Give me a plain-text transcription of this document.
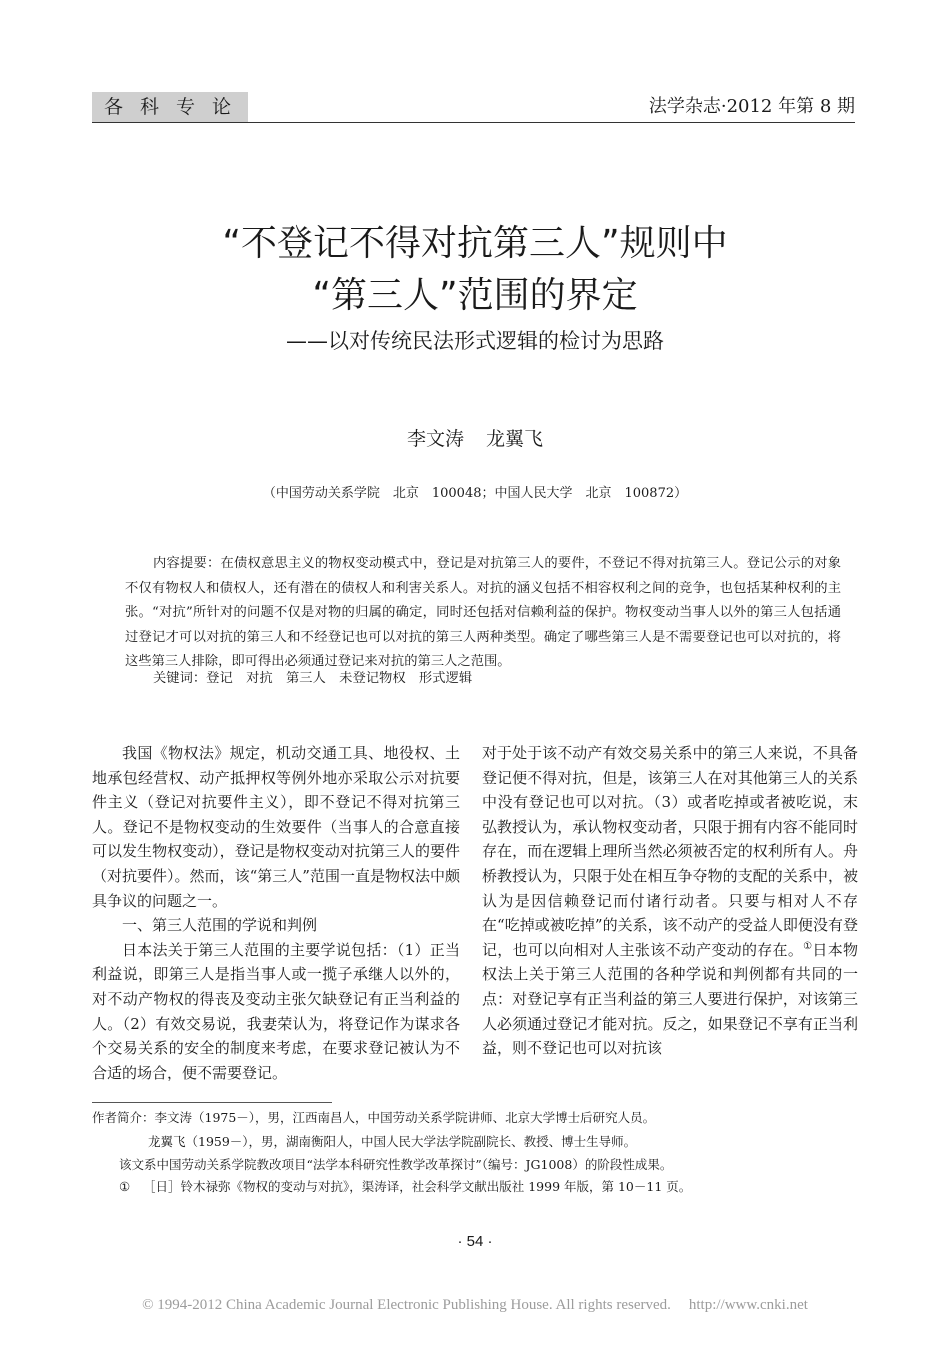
各科专论	法学杂志·2012 年第 8 期
“不登记不得对抗第三人”规则中
“第三人”范围的界定
——以对传统民法形式逻辑的检讨为思路
李文涛 龙翼飞
（中国劳动关系学院　北京　100048；中国人民大学　北京　100872）

内容提要：在债权意思主义的物权变动模式中，登记是对抗第三人的要件，不登记不得对抗第三人。登记公示的对象不仅有物权人和债权人，还有潜在的债权人和利害关系人。对抗的涵义包括不相容权利之间的竞争，也包括某种权利的主张。“对抗”所针对的问题不仅是对物的归属的确定，同时还包括对信赖利益的保护。物权变动当事人以外的第三人包括通过登记才可以对抗的第三人和不经登记也可以对抗的第三人两种类型。确定了哪些第三人是不需要登记也可以对抗的，将这些第三人排除，即可得出必须通过登记来对抗的第三人之范围。

关键词：登记　对抗　第三人　未登记物权　形式逻辑

我国《物权法》规定，机动交通工具、地役权、土地承包经营权、动产抵押权等例外地亦采取公示对抗要件主义（登记对抗要件主义），即不登记不得对抗第三人。登记不是物权变动的生效要件（当事人的合意直接可以发生物权变动），登记是物权变动对抗第三人的要件（对抗要件）。然而，该“第三人”范围一直是物权法中颇具争议的问题之一。

一、第三人范围的学说和判例

日本法关于第三人范围的主要学说包括：（1）正当利益说，即第三人是指当事人或一揽子承继人以外的，对不动产物权的得丧及变动主张欠缺登记有正当利益的人。（2）有效交易说，我妻荣认为，将登记作为谋求各个交易关系的安全的制度来考虑，在要求登记被认为不合适的场合，便不需要登记。

对于处于该不动产有效交易关系中的第三人来说，不具备登记便不得对抗，但是，该第三人在对其他第三人的关系中没有登记也可以对抗。（3）或者吃掉或者被吃说，末弘教授认为，承认物权变动者，只限于拥有内容不能同时存在，而在逻辑上理所当然必须被否定的权利所有人。舟桥教授认为，只限于处在相互争夺物的支配的关系中，被认为是因信赖登记而付诸行动者。只要与相对人不存在“吃掉或被吃掉”的关系，该不动产的受益人即便没有登记，也可以向相对人主张该不动产变动的存在。①日本物权法上关于第三人范围的各种学说和判例都有共同的一点：对登记享有正当利益的第三人要进行保护，对该第三人必须通过登记才能对抗。反之，如果登记不享有正当利益，则不登记也可以对抗该

作者简介：李文涛（1975－），男，江西南昌人，中国劳动关系学院讲师、北京大学博士后研究人员。
龙翼飞（1959－），男，湖南衡阳人，中国人民大学法学院副院长、教授、博士生导师。
该文系中国劳动关系学院教改项目“法学本科研究性教学改革探讨”（编号：JG1008）的阶段性成果。
① ［日］铃木禄弥《物权的变动与对抗》，渠涛译，社会科学文献出版社 1999 年版，第 10－11 页。
· 54 ·
© 1994-2012 China Academic Journal Electronic Publishing House. All rights reserved. http://www.cnki.net
